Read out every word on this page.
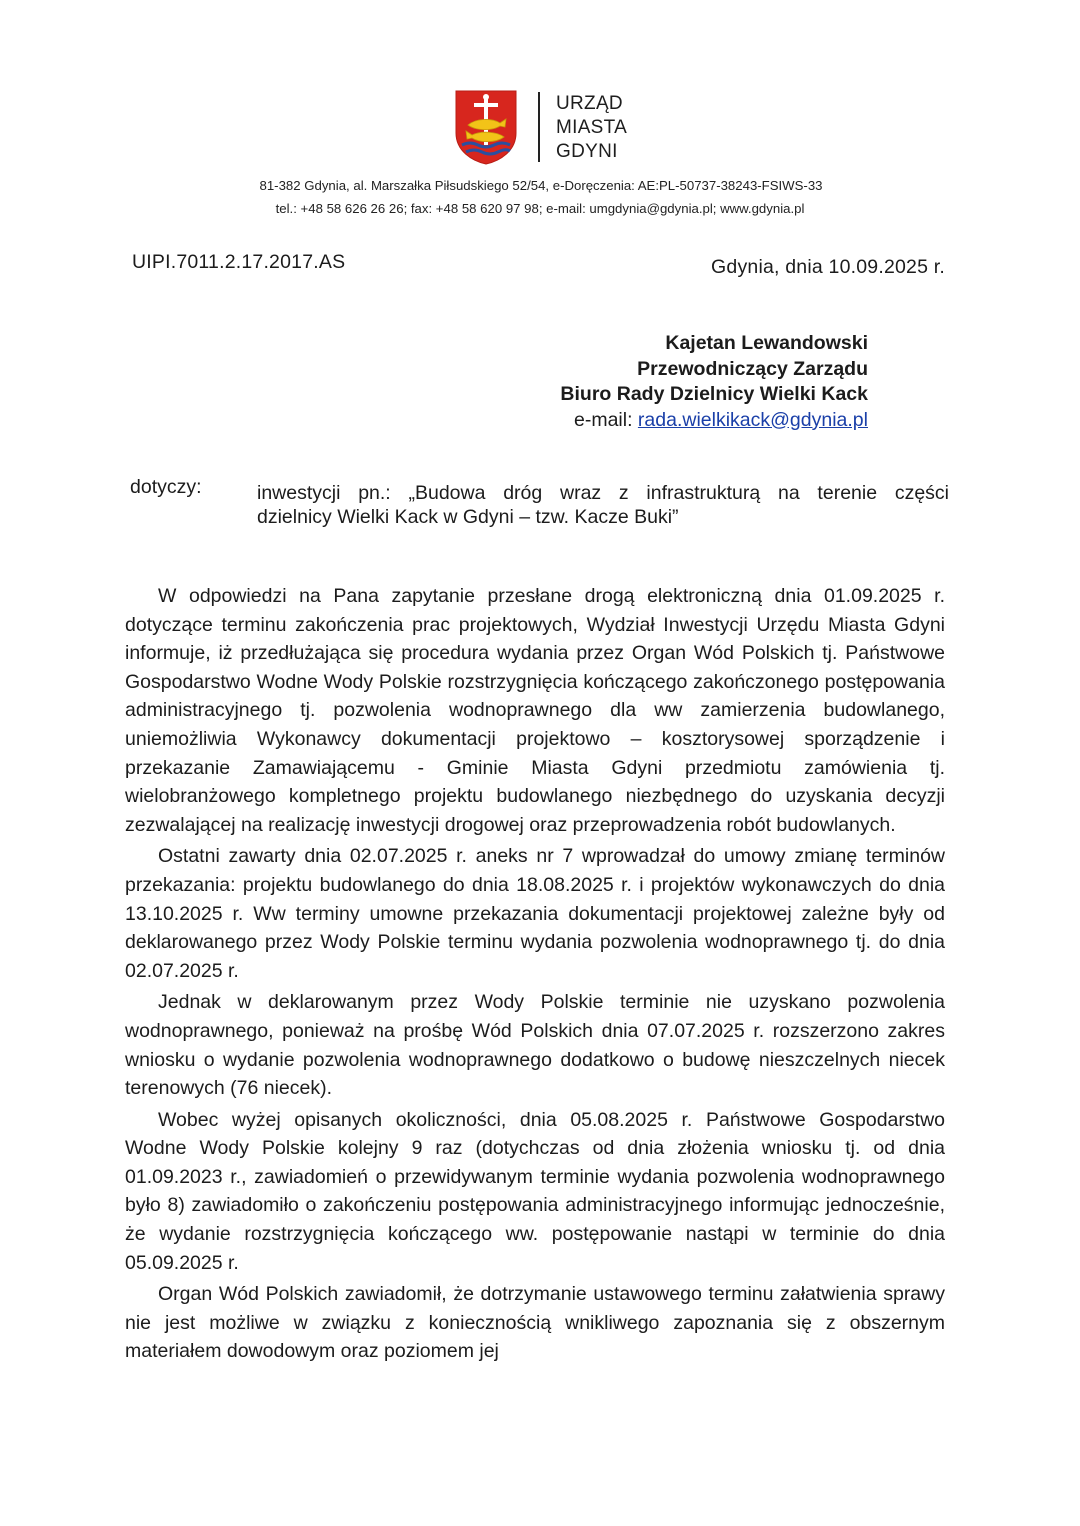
URZĄD
MIASTA
GDYNI
81-382 Gdynia, al. Marszałka Piłsudskiego 52/54, e-Doręczenia: AE:PL-50737-38243-FSIWS-33
tel.: +48 58 626 26 26; fax: +48 58 620 97 98; e-mail: umgdynia@gdynia.pl; www.gdynia.pl
UIPI.7011.2.17.2017.AS	Gdynia, dnia 10.09.2025 r.
Kajetan Lewandowski
Przewodniczący Zarządu
Biuro Rady Dzielnicy Wielki Kack
e-mail: rada.wielkikack@gdynia.pl
dotyczy:	inwestycji pn.: „Budowa dróg wraz z infrastrukturą na terenie części
dzielnicy Wielki Kack w Gdyni – tzw. Kacze Buki”

W odpowiedzi na Pana zapytanie przesłane drogą elektroniczną dnia 01.09.2025 r. dotyczące terminu zakończenia prac projektowych, Wydział Inwestycji Urzędu Miasta Gdyni informuje, iż przedłużająca się procedura wydania przez Organ Wód Polskich tj. Państwowe Gospodarstwo Wodne Wody Polskie rozstrzygnięcia kończącego zakończonego postępowania administracyjnego tj. pozwolenia wodnoprawnego dla ww zamierzenia budowlanego, uniemożliwia Wykonawcy dokumentacji projektowo – kosztorysowej sporządzenie i przekazanie Zamawiającemu - Gminie Miasta Gdyni przedmiotu zamówienia tj. wielobranżowego kompletnego projektu budowlanego niezbędnego do uzyskania decyzji zezwalającej na realizację inwestycji drogowej oraz przeprowadzenia robót budowlanych.

Ostatni zawarty dnia 02.07.2025 r. aneks nr 7 wprowadzał do umowy zmianę terminów przekazania: projektu budowlanego do dnia 18.08.2025 r. i projektów wykonawczych do dnia 13.10.2025 r. Ww terminy umowne przekazania dokumentacji projektowej zależne były od deklarowanego przez Wody Polskie terminu wydania pozwolenia wodnoprawnego tj. do dnia 02.07.2025 r.

Jednak w deklarowanym przez Wody Polskie terminie nie uzyskano pozwolenia wodnoprawnego, ponieważ na prośbę Wód Polskich dnia 07.07.2025 r. rozszerzono zakres wniosku o wydanie pozwolenia wodnoprawnego dodatkowo o budowę nieszczelnych niecek terenowych (76 niecek).

Wobec wyżej opisanych okoliczności, dnia 05.08.2025 r. Państwowe Gospodarstwo Wodne Wody Polskie kolejny 9 raz (dotychczas od dnia złożenia wniosku tj. od dnia 01.09.2023 r., zawiadomień o przewidywanym terminie wydania pozwolenia wodnoprawnego było 8) zawiadomiło o zakończeniu postępowania administracyjnego informując jednocześnie, że wydanie rozstrzygnięcia kończącego ww. postępowanie nastąpi w terminie do dnia 05.09.2025 r.

Organ Wód Polskich zawiadomił, że dotrzymanie ustawowego terminu załatwienia sprawy nie jest możliwe w związku z koniecznością wnikliwego zapoznania się z obszernym materiałem dowodowym oraz poziomem jej
